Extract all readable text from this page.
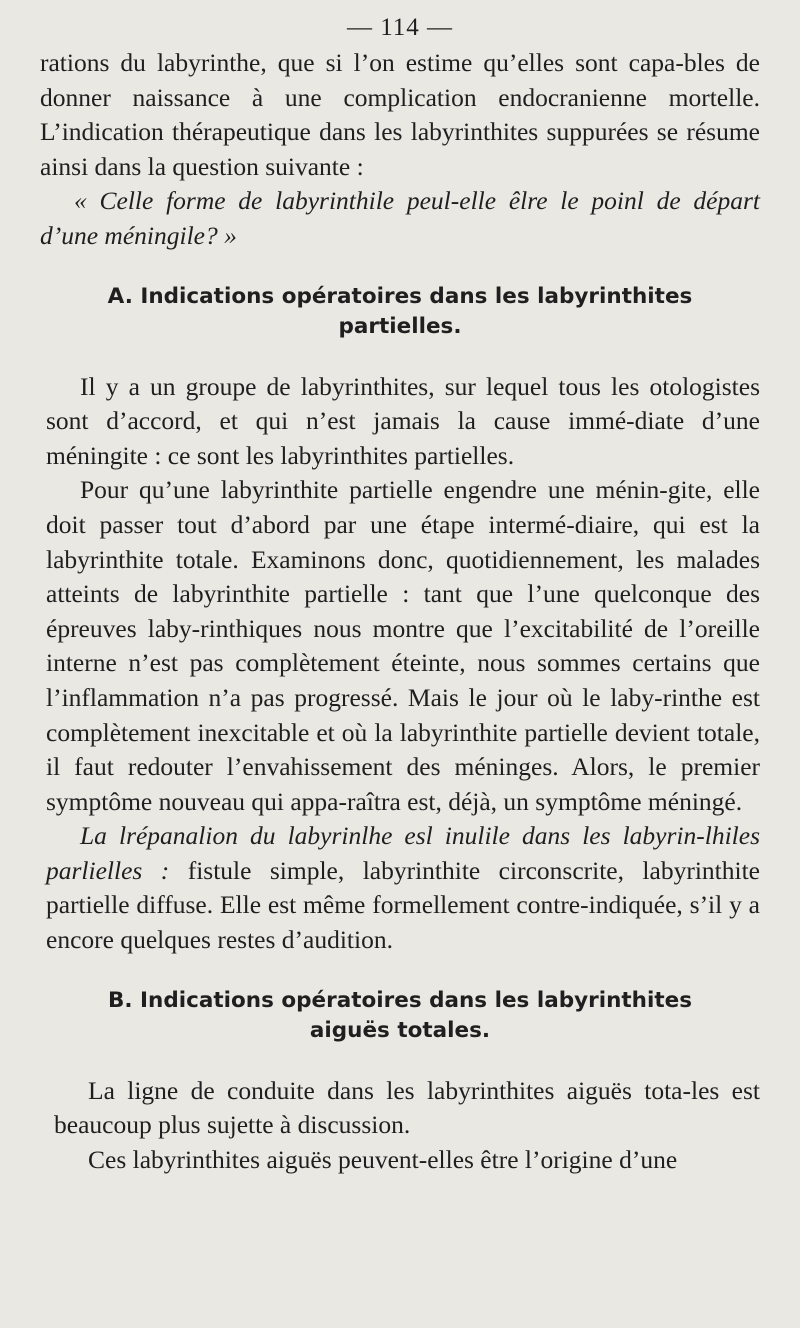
— 114 —

rations du labyrinthe, que si l’on estime qu’elles sont capa-bles de donner naissance à une complication endocranienne mortelle. L’indication thérapeutique dans les labyrinthites suppurées se résume ainsi dans la question suivante :

« Celle forme de labyrinthile peul-elle êlre le poinl de départ d’une méningile? »

A. Indications opératoires dans les labyrinthites partielles.

Il y a un groupe de labyrinthites, sur lequel tous les otologistes sont d’accord, et qui n’est jamais la cause immé-diate d’une méningite : ce sont les labyrinthites partielles.

Pour qu’une labyrinthite partielle engendre une ménin-gite, elle doit passer tout d’abord par une étape intermé-diaire, qui est la labyrinthite totale. Examinons donc, quotidiennement, les malades atteints de labyrinthite partielle : tant que l’une quelconque des épreuves laby-rinthiques nous montre que l’excitabilité de l’oreille interne n’est pas complètement éteinte, nous sommes certains que l’inflammation n’a pas progressé. Mais le jour où le laby-rinthe est complètement inexcitable et où la labyrinthite partielle devient totale, il faut redouter l’envahissement des méninges. Alors, le premier symptôme nouveau qui appa-raîtra est, déjà, un symptôme méningé.

La lrépanalion du labyrinlhe esl inulile dans les labyrin-lhiles parlielles : fistule simple, labyrinthite circonscrite, labyrinthite partielle diffuse. Elle est même formellement contre-indiquée, s’il y a encore quelques restes d’audition.

B. Indications opératoires dans les labyrinthites aiguës totales.

La ligne de conduite dans les labyrinthites aiguës tota-les est beaucoup plus sujette à discussion.

Ces labyrinthites aiguës peuvent-elles être l’origine d’une
